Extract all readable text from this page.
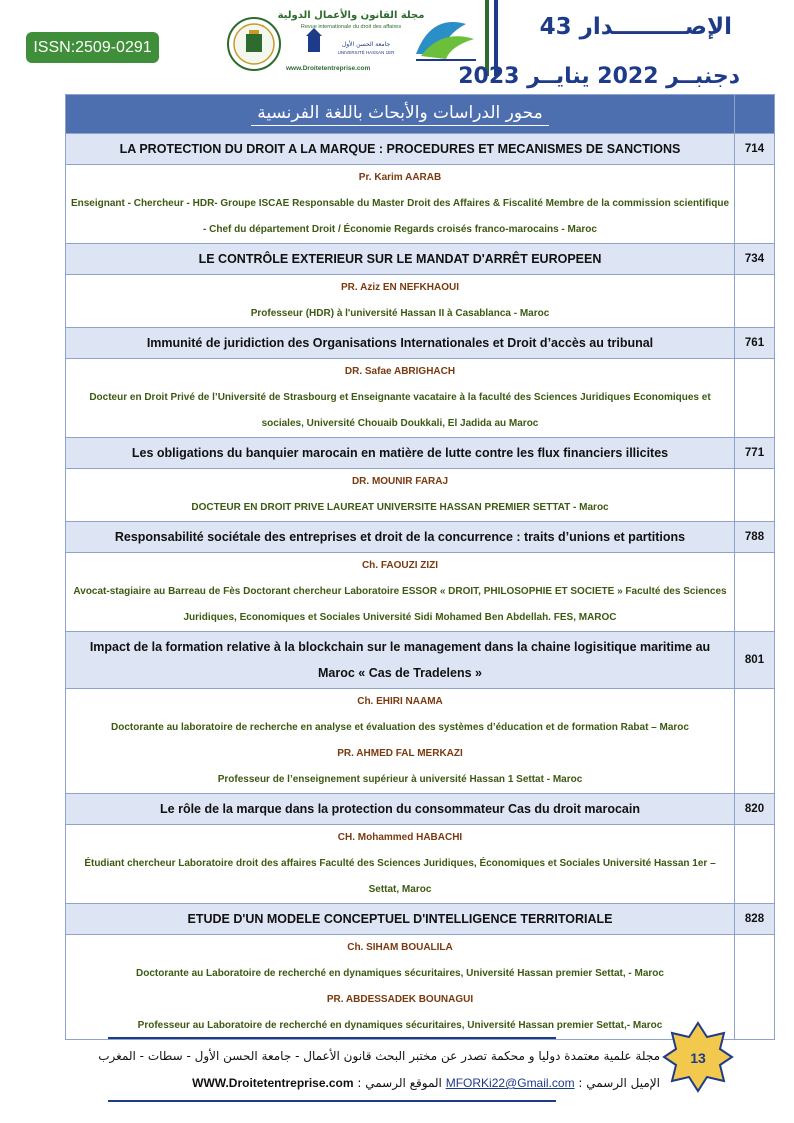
ISSN:2509-0291
مجلة القانون والأعمال الدولية
Revue internationale du droit des affaires
جامعة الحسن الأول
UNIVERSITÉ HASSAN 1ER
www.Droitetentreprise.com
الإصـــــــــدار 43
دجنبــر 2022 ينايــر 2023
محور الدراسات والأبحاث باللغة الفرنسية	
LA PROTECTION DU DROIT A LA MARQUE : PROCEDURES ET MECANISMES DE SANCTIONS	714

Pr. Karim AARAB
Enseignant - Chercheur - HDR- Groupe ISCAE Responsable du Master Droit des Affaires & Fiscalité Membre de la commission scientifique - Chef du département Droit / Économie Regards croisés franco-marocains - Maroc	

LE CONTRÔLE EXTERIEUR SUR LE MANDAT D'ARRÊT EUROPEEN	734

PR. Aziz EN NEFKHAOUI
Professeur (HDR) à l'université Hassan II à Casablanca - Maroc	

Immunité de juridiction des Organisations Internationales et Droit d’accès au tribunal	761

DR. Safae ABRIGHACH
Docteur en Droit Privé de l’Université de Strasbourg et Enseignante vacataire à la faculté des Sciences Juridiques Economiques et sociales, Université Chouaib Doukkali, El Jadida au Maroc	

Les obligations du banquier marocain en matière de lutte contre les flux financiers illicites	771

DR. MOUNIR FARAJ
DOCTEUR EN DROIT PRIVE LAUREAT UNIVERSITE HASSAN PREMIER SETTAT - Maroc	

Responsabilité sociétale des entreprises et droit de la concurrence : traits d’unions et partitions	788

Ch. FAOUZI ZIZI
Avocat-stagiaire au Barreau de Fès Doctorant chercheur Laboratoire ESSOR « DROIT, PHILOSOPHIE ET SOCIETE » Faculté des Sciences Juridiques, Economiques et Sociales Université Sidi Mohamed Ben Abdellah. FES, MAROC	

Impact de la formation relative à la blockchain sur le management dans la chaine logisitique maritime au Maroc « Cas de Tradelens »	801

Ch. EHIRI NAAMA
Doctorante au laboratoire de recherche en analyse et évaluation des systèmes d’éducation et de formation Rabat – Maroc
PR. AHMED FAL MERKAZI
Professeur de l’enseignement supérieur à université Hassan 1 Settat - Maroc	

Le rôle de la marque dans la protection du consommateur Cas du droit marocain	820

CH. Mohammed HABACHI
Étudiant chercheur Laboratoire droit des affaires Faculté des Sciences Juridiques, Économiques et Sociales Université Hassan 1er – Settat, Maroc	

ETUDE D'UN MODELE CONCEPTUEL D'INTELLIGENCE TERRITORIALE	828

Ch. SIHAM BOUALILA
Doctorante au Laboratoire de recherché en dynamiques sécuritaires, Université Hassan premier Settat, - Maroc
PR. ABDESSADEK BOUNAGUI
Professeur au Laboratoire de recherché en dynamiques sécuritaires, Université Hassan premier Settat,- Maroc	

مجلة علمية معتمدة دوليا و محكمة تصدر عن مختبر البحث قانون الأعمال - جامعة الحسن الأول - سطات - المغرب
الإميل الرسمي : MFORKi22@Gmail.com الموقع الرسمي : WWW.Droitetentreprise.com
13
